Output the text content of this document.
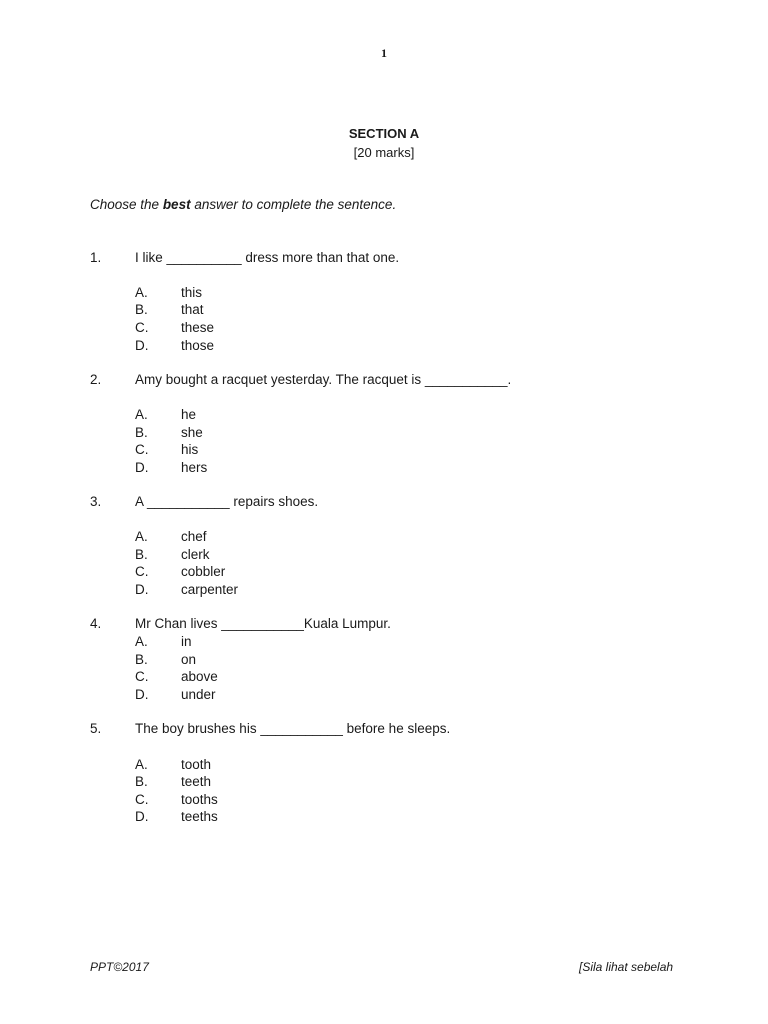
1
SECTION A
[20 marks]
Choose the best answer to complete the sentence.
1. I like __________ dress more than that one.
A. this
B. that
C. these
D. those
2. Amy bought a racquet yesterday. The racquet is ___________.
A. he
B. she
C. his
D. hers
3. A ___________ repairs shoes.
A. chef
B. clerk
C. cobbler
D. carpenter
4. Mr Chan lives ___________Kuala Lumpur.
A. in
B. on
C. above
D. under
5. The boy brushes his ___________ before he sleeps.
A. tooth
B. teeth
C. tooths
D. teeths
PPT©2017	[Sila lihat sebelah
